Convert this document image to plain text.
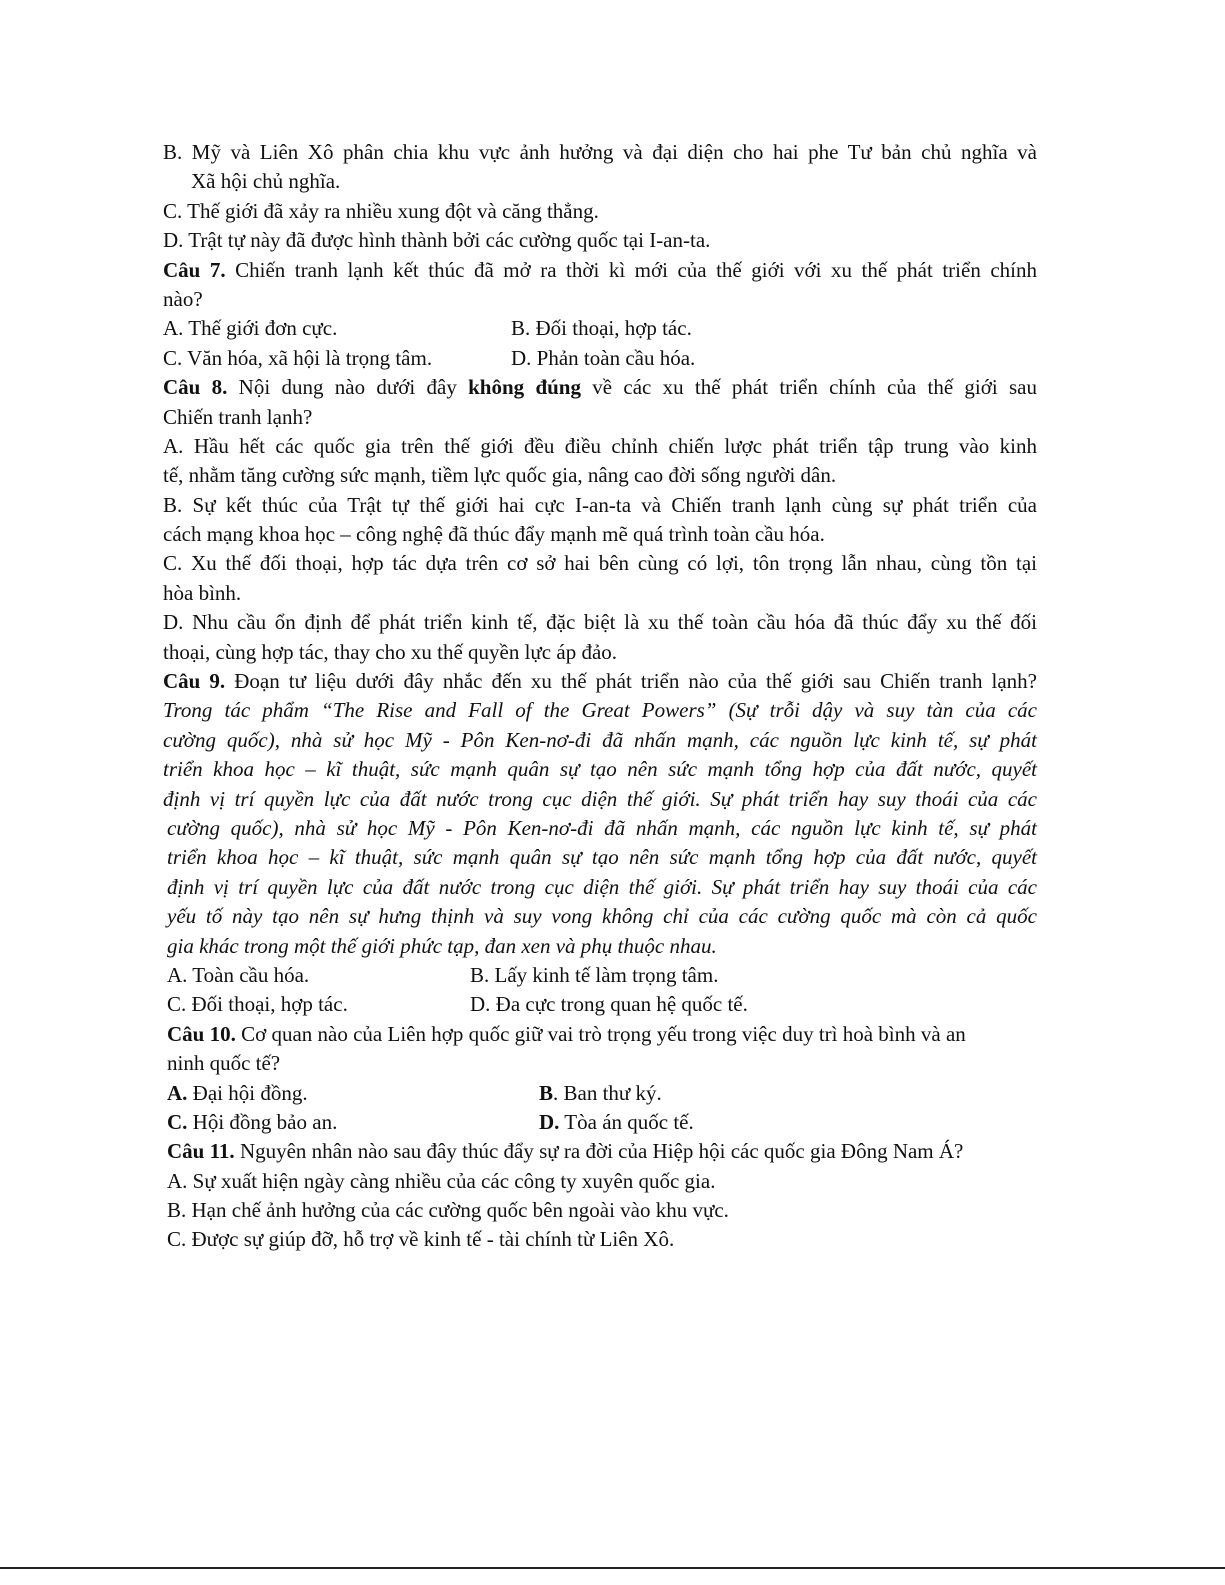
B. Mỹ và Liên Xô phân chia khu vực ảnh hưởng và đại diện cho hai phe Tư bản chủ nghĩa và
Xã hội chủ nghĩa.
C. Thế giới đã xảy ra nhiều xung đột và căng thẳng.
D. Trật tự này đã được hình thành bởi các cường quốc tại I-an-ta.
Câu 7. Chiến tranh lạnh kết thúc đã mở ra thời kì mới của thế giới với xu thế phát triển chính
nào?
A. Thế giới đơn cực.	B. Đối thoại, hợp tác.
C. Văn hóa, xã hội là trọng tâm.	D. Phản toàn cầu hóa.
Câu 8. Nội dung nào dưới đây không đúng về các xu thế phát triển chính của thế giới sau
Chiến tranh lạnh?
A. Hầu hết các quốc gia trên thế giới đều điều chỉnh chiến lược phát triển tập trung vào kinh
tế, nhằm tăng cường sức mạnh, tiềm lực quốc gia, nâng cao đời sống người dân.
B. Sự kết thúc của Trật tự thế giới hai cực I-an-ta và Chiến tranh lạnh cùng sự phát triển của
cách mạng khoa học – công nghệ đã thúc đẩy mạnh mẽ quá trình toàn cầu hóa.
C. Xu thế đối thoại, hợp tác dựa trên cơ sở hai bên cùng có lợi, tôn trọng lẫn nhau, cùng tồn tại
hòa bình.
D. Nhu cầu ổn định để phát triển kinh tế, đặc biệt là xu thế toàn cầu hóa đã thúc đẩy xu thế đối
thoại, cùng hợp tác, thay cho xu thế quyền lực áp đảo.
Câu 9. Đoạn tư liệu dưới đây nhắc đến xu thế phát triển nào của thế giới sau Chiến tranh lạnh?
Trong tác phẩm “The Rise and Fall of the Great Powers” (Sự trỗi dậy và suy tàn của các
cường quốc), nhà sử học Mỹ - Pôn Ken-nơ-đi đã nhấn mạnh, các nguồn lực kinh tế, sự phát
triển khoa học – kĩ thuật, sức mạnh quân sự tạo nên sức mạnh tổng hợp của đất nước, quyết
định vị trí quyền lực của đất nước trong cục diện thế giới. Sự phát triển hay suy thoái của các
cường quốc), nhà sử học Mỹ - Pôn Ken-nơ-đi đã nhấn mạnh, các nguồn lực kinh tế, sự phát
triển khoa học – kĩ thuật, sức mạnh quân sự tạo nên sức mạnh tổng hợp của đất nước, quyết
định vị trí quyền lực của đất nước trong cục diện thế giới. Sự phát triển hay suy thoái của các
yếu tố này tạo nên sự hưng thịnh và suy vong không chỉ của các cường quốc mà còn cả quốc
gia khác trong một thế giới phức tạp, đan xen và phụ thuộc nhau.
A. Toàn cầu hóa.	B. Lấy kinh tế làm trọng tâm.
C. Đối thoại, hợp tác.	D. Đa cực trong quan hệ quốc tế.
Câu 10. Cơ quan nào của Liên hợp quốc giữ vai trò trọng yếu trong việc duy trì hoà bình và an
ninh quốc tế?
A. Đại hội đồng.	B. Ban thư ký.
C. Hội đồng bảo an.	D. Tòa án quốc tế.
Câu 11. Nguyên nhân nào sau đây thúc đẩy sự ra đời của Hiệp hội các quốc gia Đông Nam Á?
A. Sự xuất hiện ngày càng nhiều của các công ty xuyên quốc gia.
B. Hạn chế ảnh hưởng của các cường quốc bên ngoài vào khu vực.
C. Được sự giúp đỡ, hỗ trợ về kinh tế - tài chính từ Liên Xô.
